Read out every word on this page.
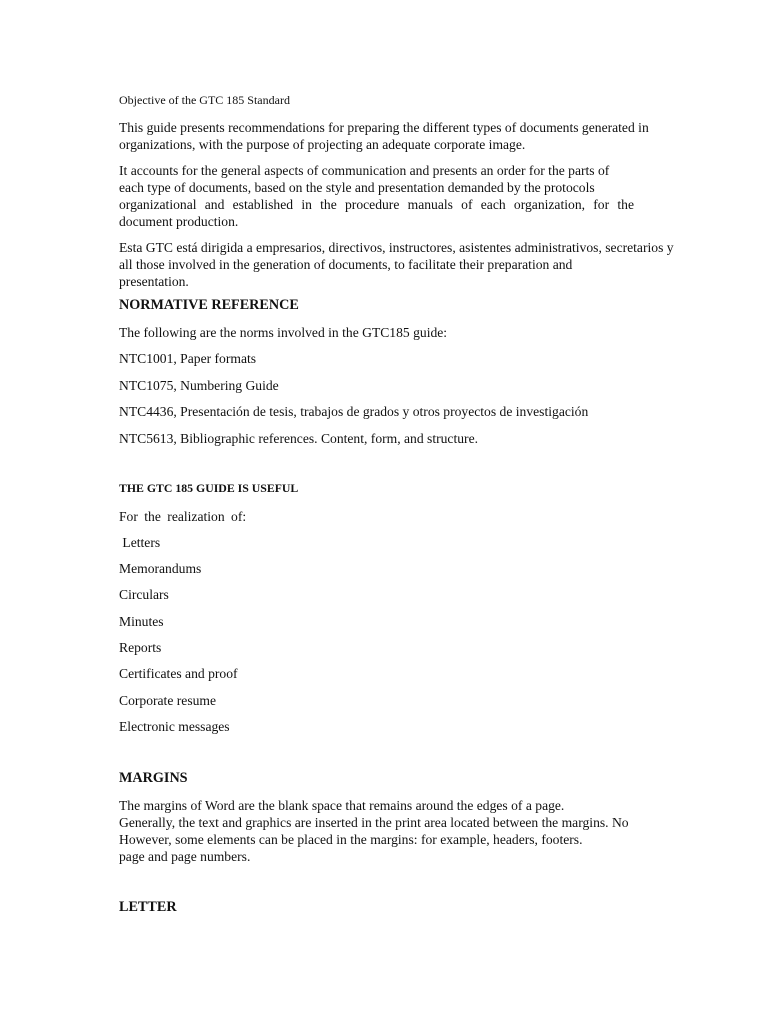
Objective of the GTC 185 Standard

This guide presents recommendations for preparing the different types of documents generated in
organizations, with the purpose of projecting an adequate corporate image.
It accounts for the general aspects of communication and presents an order for the parts of
each type of documents, based on the style and presentation demanded by the protocols
organizational and established in the procedure manuals of each organization, for the
document production.
Esta GTC está dirigida a empresarios, directivos, instructores, asistentes administrativos, secretarios y
all those involved in the generation of documents, to facilitate their preparation and
presentation.

NORMATIVE REFERENCE

The following are the norms involved in the GTC185 guide:

NTC1001, Paper formats

NTC1075, Numbering Guide

NTC4436, Presentación de tesis, trabajos de grados y otros proyectos de investigación

NTC5613, Bibliographic references. Content, form, and structure.

THE GTC 185 GUIDE IS USEFUL

For the realization of:

Letters

Memorandums

Circulars

Minutes

Reports

Certificates and proof

Corporate resume

Electronic messages

MARGINS

The margins of Word are the blank space that remains around the edges of a page.
Generally, the text and graphics are inserted in the print area located between the margins. No
However, some elements can be placed in the margins: for example, headers, footers.
page and page numbers.

LETTER
